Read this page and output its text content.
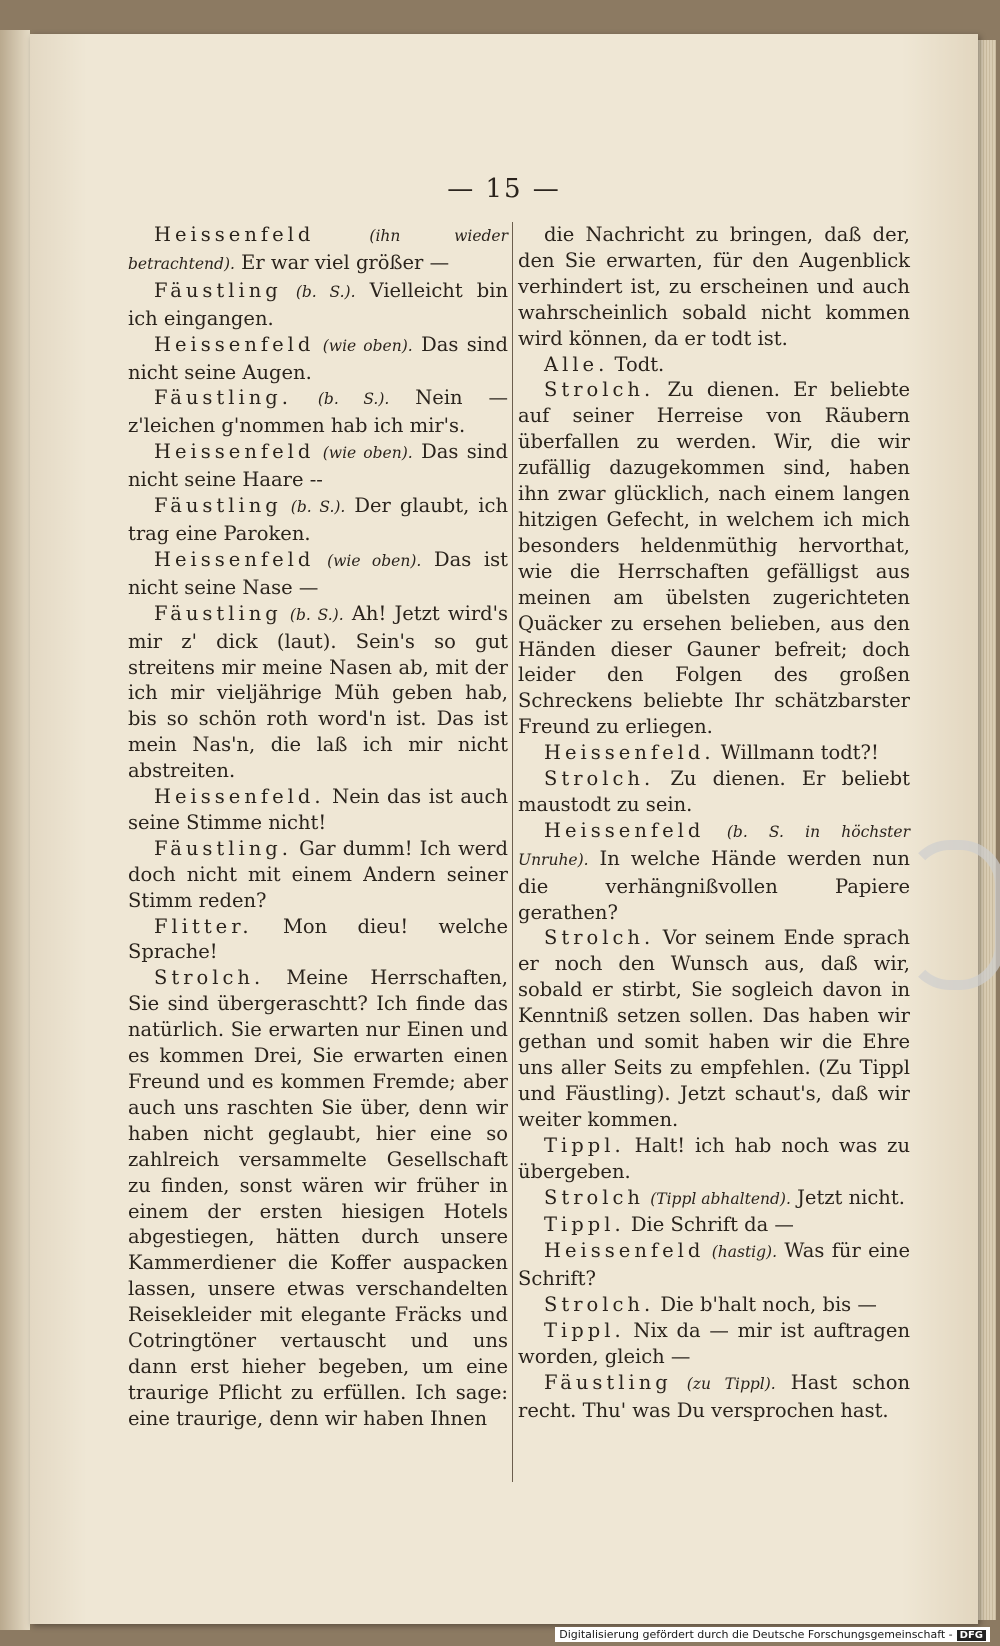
— 15 —

Heissenfeld	(ihn wieder betrachtend). Er war viel größer —

Fäustling (b. S.). Vielleicht bin ich eingangen.

Heissenfeld (wie oben). Das sind nicht seine Augen.

Fäustling. (b. S.). Nein — z'leichen g'nommen hab ich mir's.

Heissenfeld (wie oben). Das sind nicht seine Haare --

Fäustling (b. S.). Der glaubt, ich trag eine Paroken.

Heissenfeld (wie oben). Das ist nicht seine Nase —

Fäustling (b. S.). Ah! Jetzt wird's mir z' dick (laut). Sein's so gut streitens mir meine Nasen ab, mit der ich mir vieljährige Müh geben hab, bis so schön roth word'n ist. Das ist mein Nas'n, die laß ich mir nicht abstreiten.

Heissenfeld. Nein das ist auch seine Stimme nicht!

Fäustling. Gar dumm! Ich werd doch nicht mit einem Andern seiner Stimm reden?

Flitter. Mon dieu! welche Sprache!

Strolch. Meine Herrschaften, Sie sind übergeraschtt? Ich finde das natürlich. Sie erwarten nur Einen und es kommen Drei, Sie erwarten einen Freund und es kommen Fremde; aber auch uns raschten Sie über, denn wir haben nicht geglaubt, hier eine so zahlreich versammelte Gesellschaft zu finden, sonst wären wir früher in einem der ersten hiesigen Hotels abgestiegen, hätten durch unsere Kammerdiener die Koffer auspacken lassen, unsere etwas verschandelten Reisekleider mit elegante Fräcks und Cotringtöner vertauscht und uns dann erst hieher begeben, um eine traurige Pflicht zu erfüllen. Ich sage: eine traurige, denn wir haben Ihnen

die Nachricht zu bringen, daß der, den Sie erwarten, für den Augenblick verhindert ist, zu erscheinen und auch wahrscheinlich sobald nicht kommen wird können, da er todt ist.

Alle. Todt.

Strolch. Zu dienen. Er beliebte auf seiner Herreise von Räubern überfallen zu werden. Wir, die wir zufällig dazugekommen sind, haben ihn zwar glücklich, nach einem langen hitzigen Gefecht, in welchem ich mich besonders heldenmüthig hervorthat, wie die Herrschaften gefälligst aus meinen am übelsten zugerichteten Quäcker zu ersehen belieben, aus den Händen dieser Gauner befreit; doch leider den Folgen des großen Schreckens beliebte Ihr schätzbarster Freund zu erliegen.

Heissenfeld. Willmann todt?!

Strolch. Zu dienen. Er beliebt maustodt zu sein.

Heissenfeld (b. S. in höchster Unruhe). In welche Hände werden nun die verhängnißvollen Papiere gerathen?

Strolch. Vor seinem Ende sprach er noch den Wunsch aus, daß wir, sobald er stirbt, Sie sogleich davon in Kenntniß setzen sollen. Das haben wir gethan und somit haben wir die Ehre uns aller Seits zu empfehlen. (Zu Tippl und Fäustling). Jetzt schaut's, daß wir weiter kommen.

Tippl. Halt! ich hab noch was zu übergeben.

Strolch (Tippl abhaltend). Jetzt nicht.

Tippl. Die Schrift da —

Heissenfeld (hastig). Was für eine Schrift?

Strolch. Die b'halt noch, bis —

Tippl. Nix da — mir ist auftragen worden, gleich —

Fäustling (zu Tippl). Hast schon recht. Thu' was Du versprochen hast.

Digitalisierung gefördert durch die Deutsche Forschungsgemeinschaft - DFG
